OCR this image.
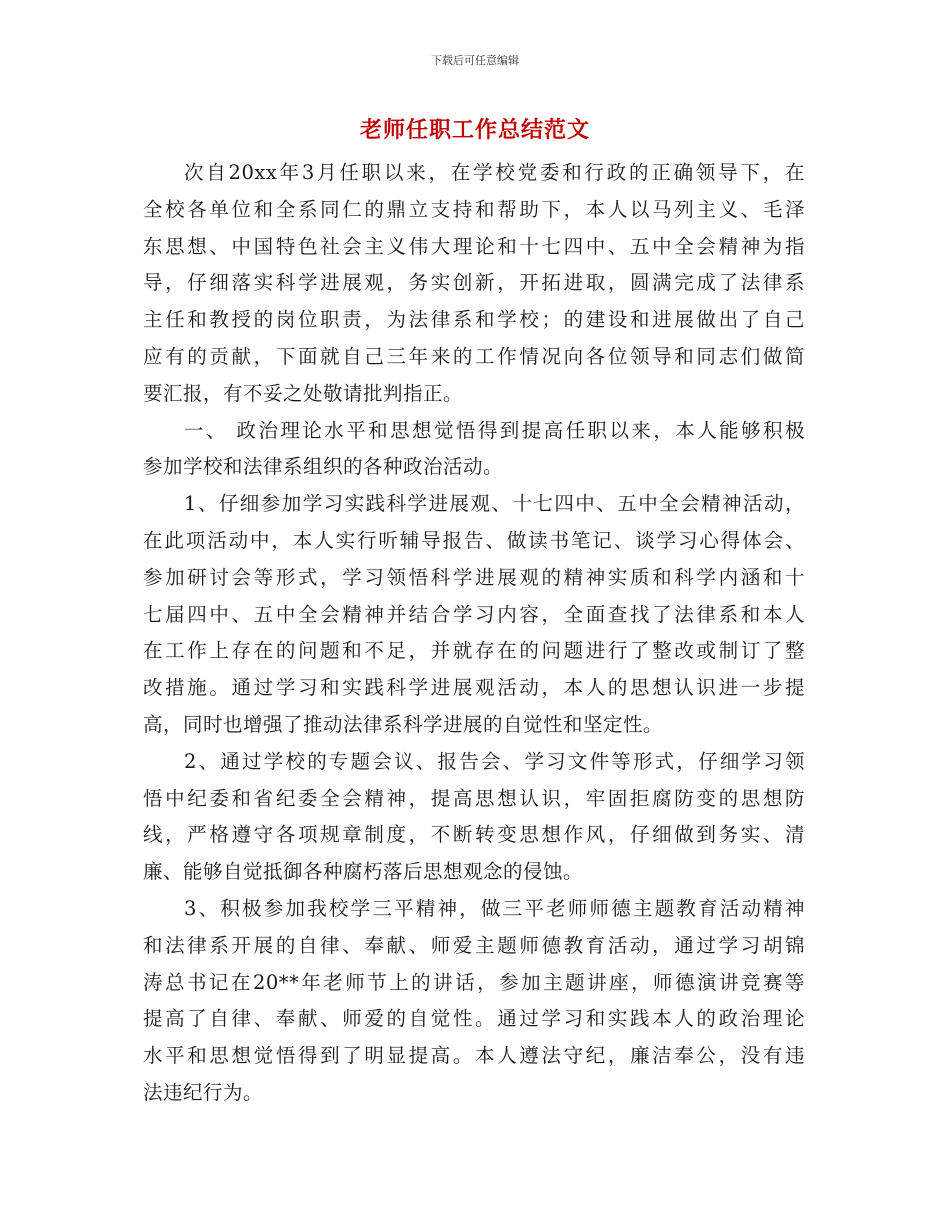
下载后可任意编辑
老师任职工作总结范文
次自20xx年3月任职以来，在学校党委和行政的正确领导下，在
全校各单位和全系同仁的鼎立支持和帮助下，本人以马列主义、毛泽
东思想、中国特色社会主义伟大理论和十七四中、五中全会精神为指
导，仔细落实科学进展观，务实创新，开拓进取，圆满完成了法律系
主任和教授的岗位职责，为法律系和学校；的建设和进展做出了自己
应有的贡献，下面就自己三年来的工作情况向各位领导和同志们做简
要汇报，有不妥之处敬请批判指正。
一、 政治理论水平和思想觉悟得到提高任职以来，本人能够积极
参加学校和法律系组织的各种政治活动。
1、仔细参加学习实践科学进展观、十七四中、五中全会精神活动，
在此项活动中，本人实行听辅导报告、做读书笔记、谈学习心得体会、
参加研讨会等形式，学习领悟科学进展观的精神实质和科学内涵和十
七届四中、五中全会精神并结合学习内容，全面查找了法律系和本人
在工作上存在的问题和不足，并就存在的问题进行了整改或制订了整
改措施。通过学习和实践科学进展观活动，本人的思想认识进一步提
高，同时也增强了推动法律系科学进展的自觉性和坚定性。
2、通过学校的专题会议、报告会、学习文件等形式，仔细学习领
悟中纪委和省纪委全会精神，提高思想认识，牢固拒腐防变的思想防
线，严格遵守各项规章制度，不断转变思想作风，仔细做到务实、清
廉、能够自觉抵御各种腐朽落后思想观念的侵蚀。
3、积极参加我校学三平精神，做三平老师师德主题教育活动精神
和法律系开展的自律、奉献、师爱主题师德教育活动，通过学习胡锦
涛总书记在20**年老师节上的讲话，参加主题讲座，师德演讲竞赛等
提高了自律、奉献、师爱的自觉性。通过学习和实践本人的政治理论
水平和思想觉悟得到了明显提高。本人遵法守纪，廉洁奉公，没有违
法违纪行为。
